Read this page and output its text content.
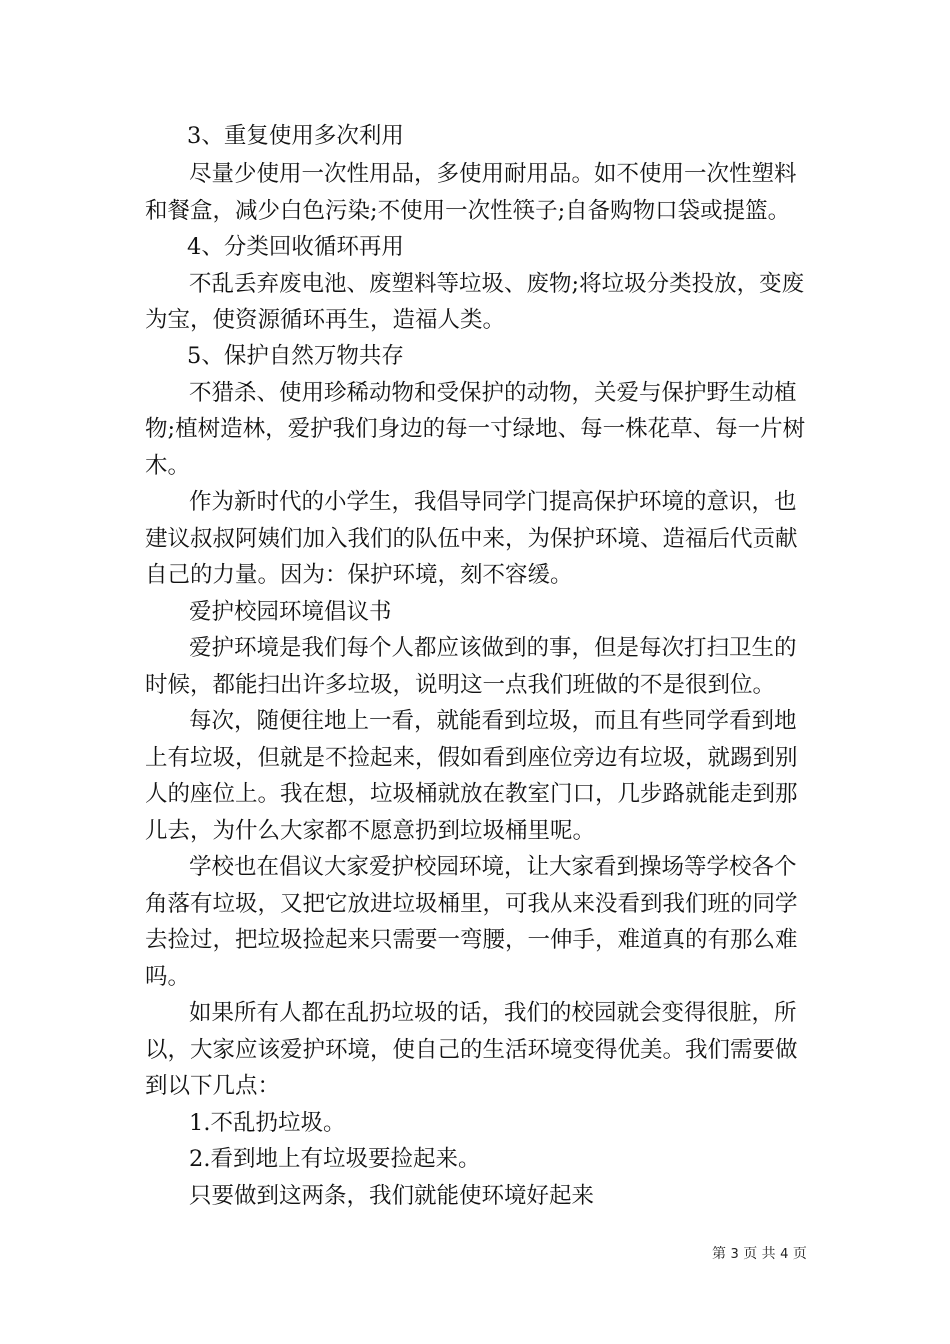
3、重复使用多次利用
尽量少使用一次性用品，多使用耐用品。如不使用一次性塑料
和餐盒，减少白色污染;不使用一次性筷子;自备购物口袋或提篮。
4、分类回收循环再用
不乱丢弃废电池、废塑料等垃圾、废物;将垃圾分类投放，变废
为宝，使资源循环再生，造福人类。
5、保护自然万物共存
不猎杀、使用珍稀动物和受保护的动物，关爱与保护野生动植
物;植树造林，爱护我们身边的每一寸绿地、每一株花草、每一片树
木。
作为新时代的小学生，我倡导同学门提高保护环境的意识，也
建议叔叔阿姨们加入我们的队伍中来，为保护环境、造福后代贡献
自己的力量。因为：保护环境，刻不容缓。
爱护校园环境倡议书
爱护环境是我们每个人都应该做到的事，但是每次打扫卫生的
时候，都能扫出许多垃圾，说明这一点我们班做的不是很到位。
每次，随便往地上一看，就能看到垃圾，而且有些同学看到地
上有垃圾，但就是不捡起来，假如看到座位旁边有垃圾，就踢到别
人的座位上。我在想，垃圾桶就放在教室门口，几步路就能走到那
儿去，为什么大家都不愿意扔到垃圾桶里呢。
学校也在倡议大家爱护校园环境，让大家看到操场等学校各个
角落有垃圾，又把它放进垃圾桶里，可我从来没看到我们班的同学
去捡过，把垃圾捡起来只需要一弯腰，一伸手，难道真的有那么难
吗。
如果所有人都在乱扔垃圾的话，我们的校园就会变得很脏，所
以，大家应该爱护环境，使自己的生活环境变得优美。我们需要做
到以下几点：
1.不乱扔垃圾。
2.看到地上有垃圾要捡起来。
只要做到这两条，我们就能使环境好起来
第 3 页 共 4 页
